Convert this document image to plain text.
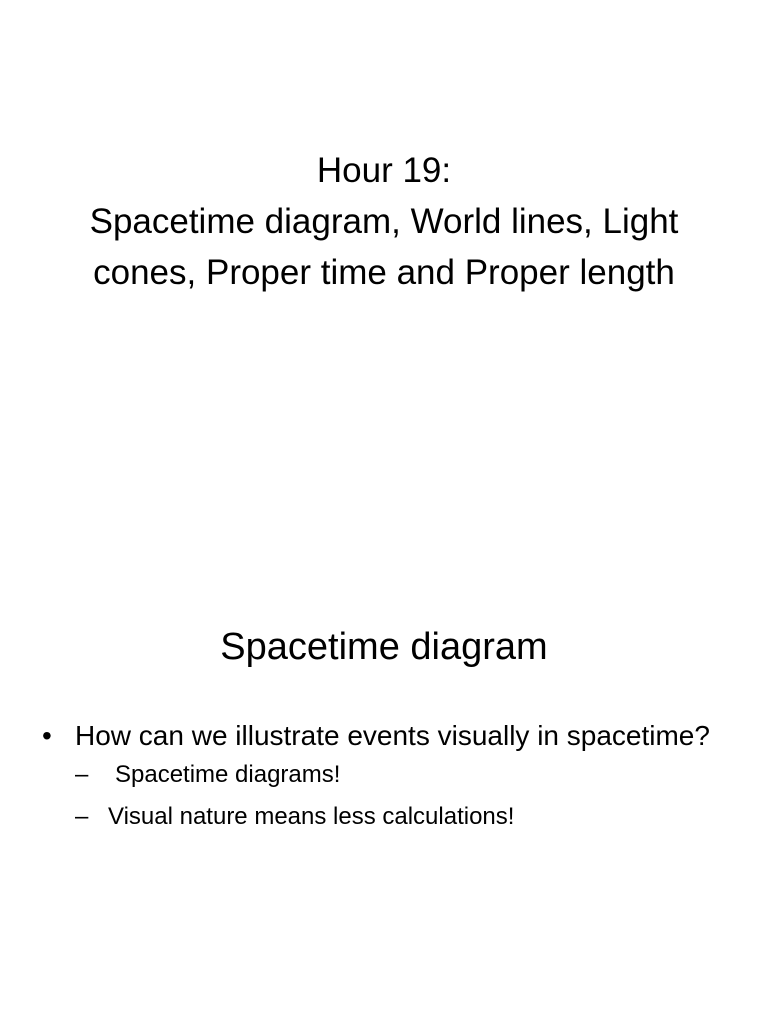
Hour 19:
Spacetime diagram, World lines, Light
cones, Proper time and Proper length
Spacetime diagram
• How can we illustrate events visually in spacetime?
– Spacetime diagrams!
– Visual nature means less calculations!
